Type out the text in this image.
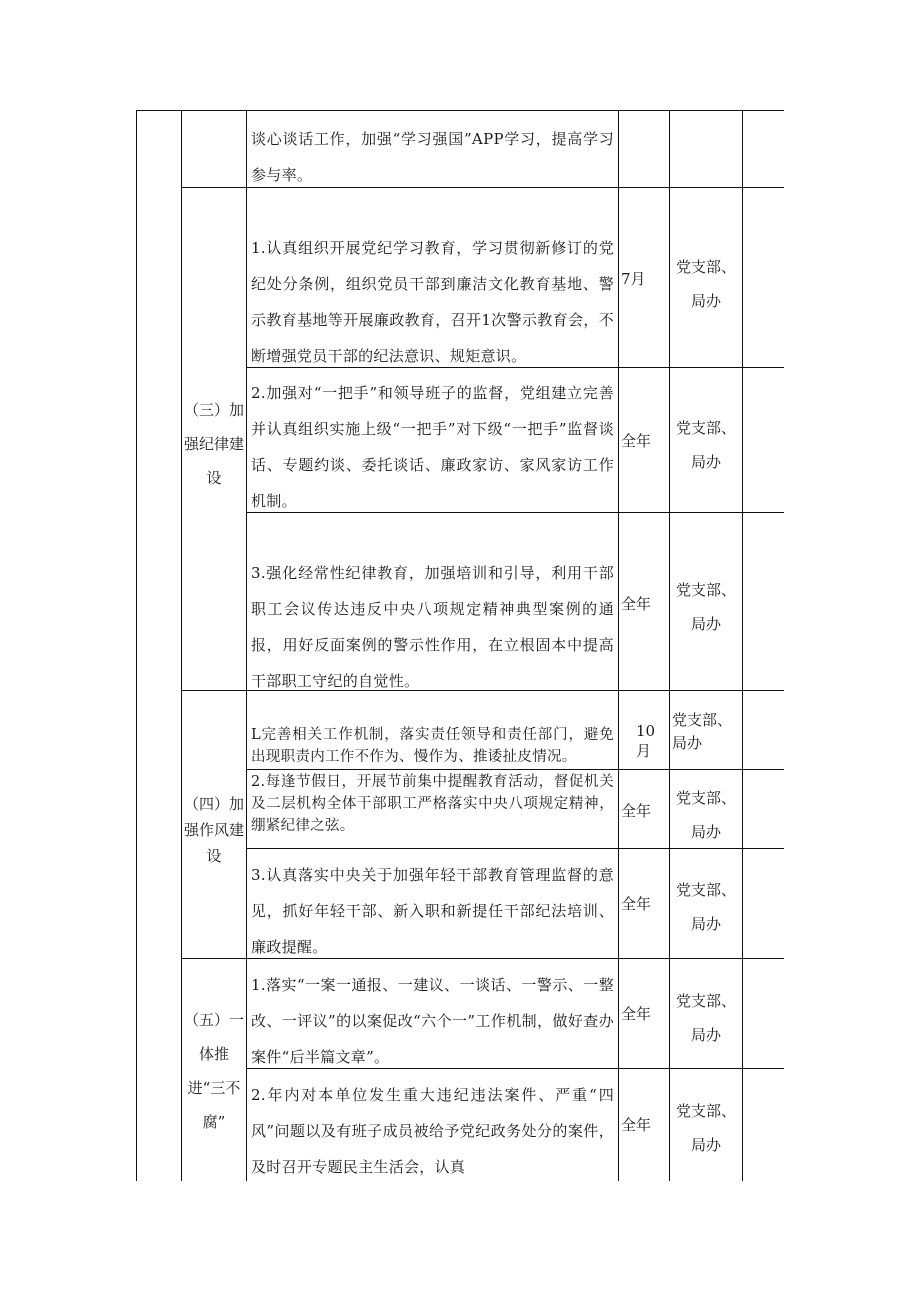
谈心谈话工作，加强“学习强国”APP学习，提高学习参与率。
（三）加强纪律建设
1.认真组织开展党纪学习教育，学习贯彻新修订的党纪处分条例，组织党员干部到廉洁文化教育基地、警示教育基地等开展廉政教育，召开1次警示教育会，不断增强党员干部的纪法意识、规矩意识。
7月
党支部、局办
2.加强对“一把手”和领导班子的监督，党组建立完善并认真组织实施上级“一把手”对下级“一把手”监督谈话、专题约谈、委托谈话、廉政家访、家风家访工作机制。
全年
党支部、局办
3.强化经常性纪律教育，加强培训和引导，利用干部职工会议传达违反中央八项规定精神典型案例的通报，用好反面案例的警示性作用，在立根固本中提高干部职工守纪的自觉性。
全年
党支部、局办
（四）加强作风建设
L完善相关工作机制，落实责任领导和责任部门，避免出现职责内工作不作为、慢作为、推诿扯皮情况。
10月
党支部、局办
2.每逢节假日，开展节前集中提醒教育活动，督促机关及二层机构全体干部职工严格落实中央八项规定精神，绷紧纪律之弦。
全年
党支部、局办
3.认真落实中央关于加强年轻干部教育管理监督的意见，抓好年轻干部、新入职和新提任干部纪法培训、廉政提醒。
全年
党支部、局办
（五）一体推进“三不腐”
1.落实“一案一通报、一建议、一谈话、一警示、一整改、一评议”的以案促改“六个一”工作机制，做好查办案件“后半篇文章”。
全年
党支部、局办
2.年内对本单位发生重大违纪违法案件、严重“四风”问题以及有班子成员被给予党纪政务处分的案件，及时召开专题民主生活会，认真
全年
党支部、局办
